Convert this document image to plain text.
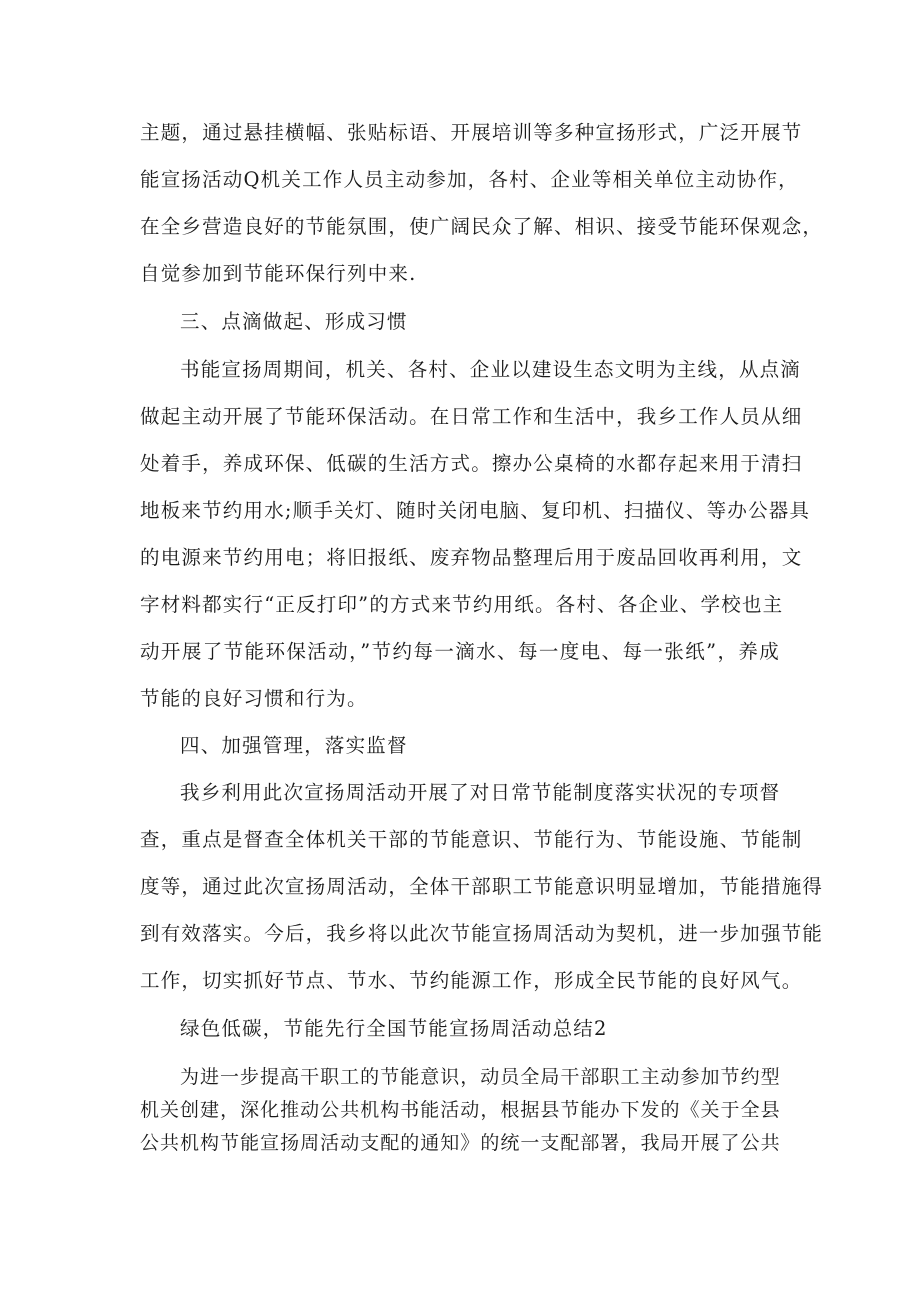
主题，通过悬挂横幅、张贴标语、开展培训等多种宣扬形式，广泛开展节
能宣扬活动Q机关工作人员主动参加，各村、企业等相关单位主动协作，
在全乡营造良好的节能氛围，使广阔民众了解、相识、接受节能环保观念，
自觉参加到节能环保行列中来.
三、点滴做起、形成习惯
书能宣扬周期间，机关、各村、企业以建设生态文明为主线，从点滴
做起主动开展了节能环保活动。在日常工作和生活中，我乡工作人员从细
处着手，养成环保、低碳的生活方式。擦办公桌椅的水都存起来用于清扫
地板来节约用水;顺手关灯、随时关闭电脑、复印机、扫描仪、等办公器具
的电源来节约用电；将旧报纸、废弃物品整理后用于废品回收再利用，文
字材料都实行“正反打印”的方式来节约用纸。各村、各企业、学校也主
动开展了节能环保活动，”节约每一滴水、每一度电、每一张纸”，养成
节能的良好习惯和行为。
四、加强管理，落实监督
我乡利用此次宣扬周活动开展了对日常节能制度落实状况的专项督
查，重点是督查全体机关干部的节能意识、节能行为、节能设施、节能制
度等，通过此次宣扬周活动，全体干部职工节能意识明显增加，节能措施得
到有效落实。今后，我乡将以此次节能宣扬周活动为契机，进一步加强节能
工作，切实抓好节点、节水、节约能源工作，形成全民节能的良好风气。
绿色低碳，节能先行全国节能宣扬周活动总结2
为进一步提高干职工的节能意识，动员全局干部职工主动参加节约型
机关创建，深化推动公共机构书能活动，根据县节能办下发的《关于全县
公共机构节能宣扬周活动支配的通知》的统一支配部署，我局开展了公共
